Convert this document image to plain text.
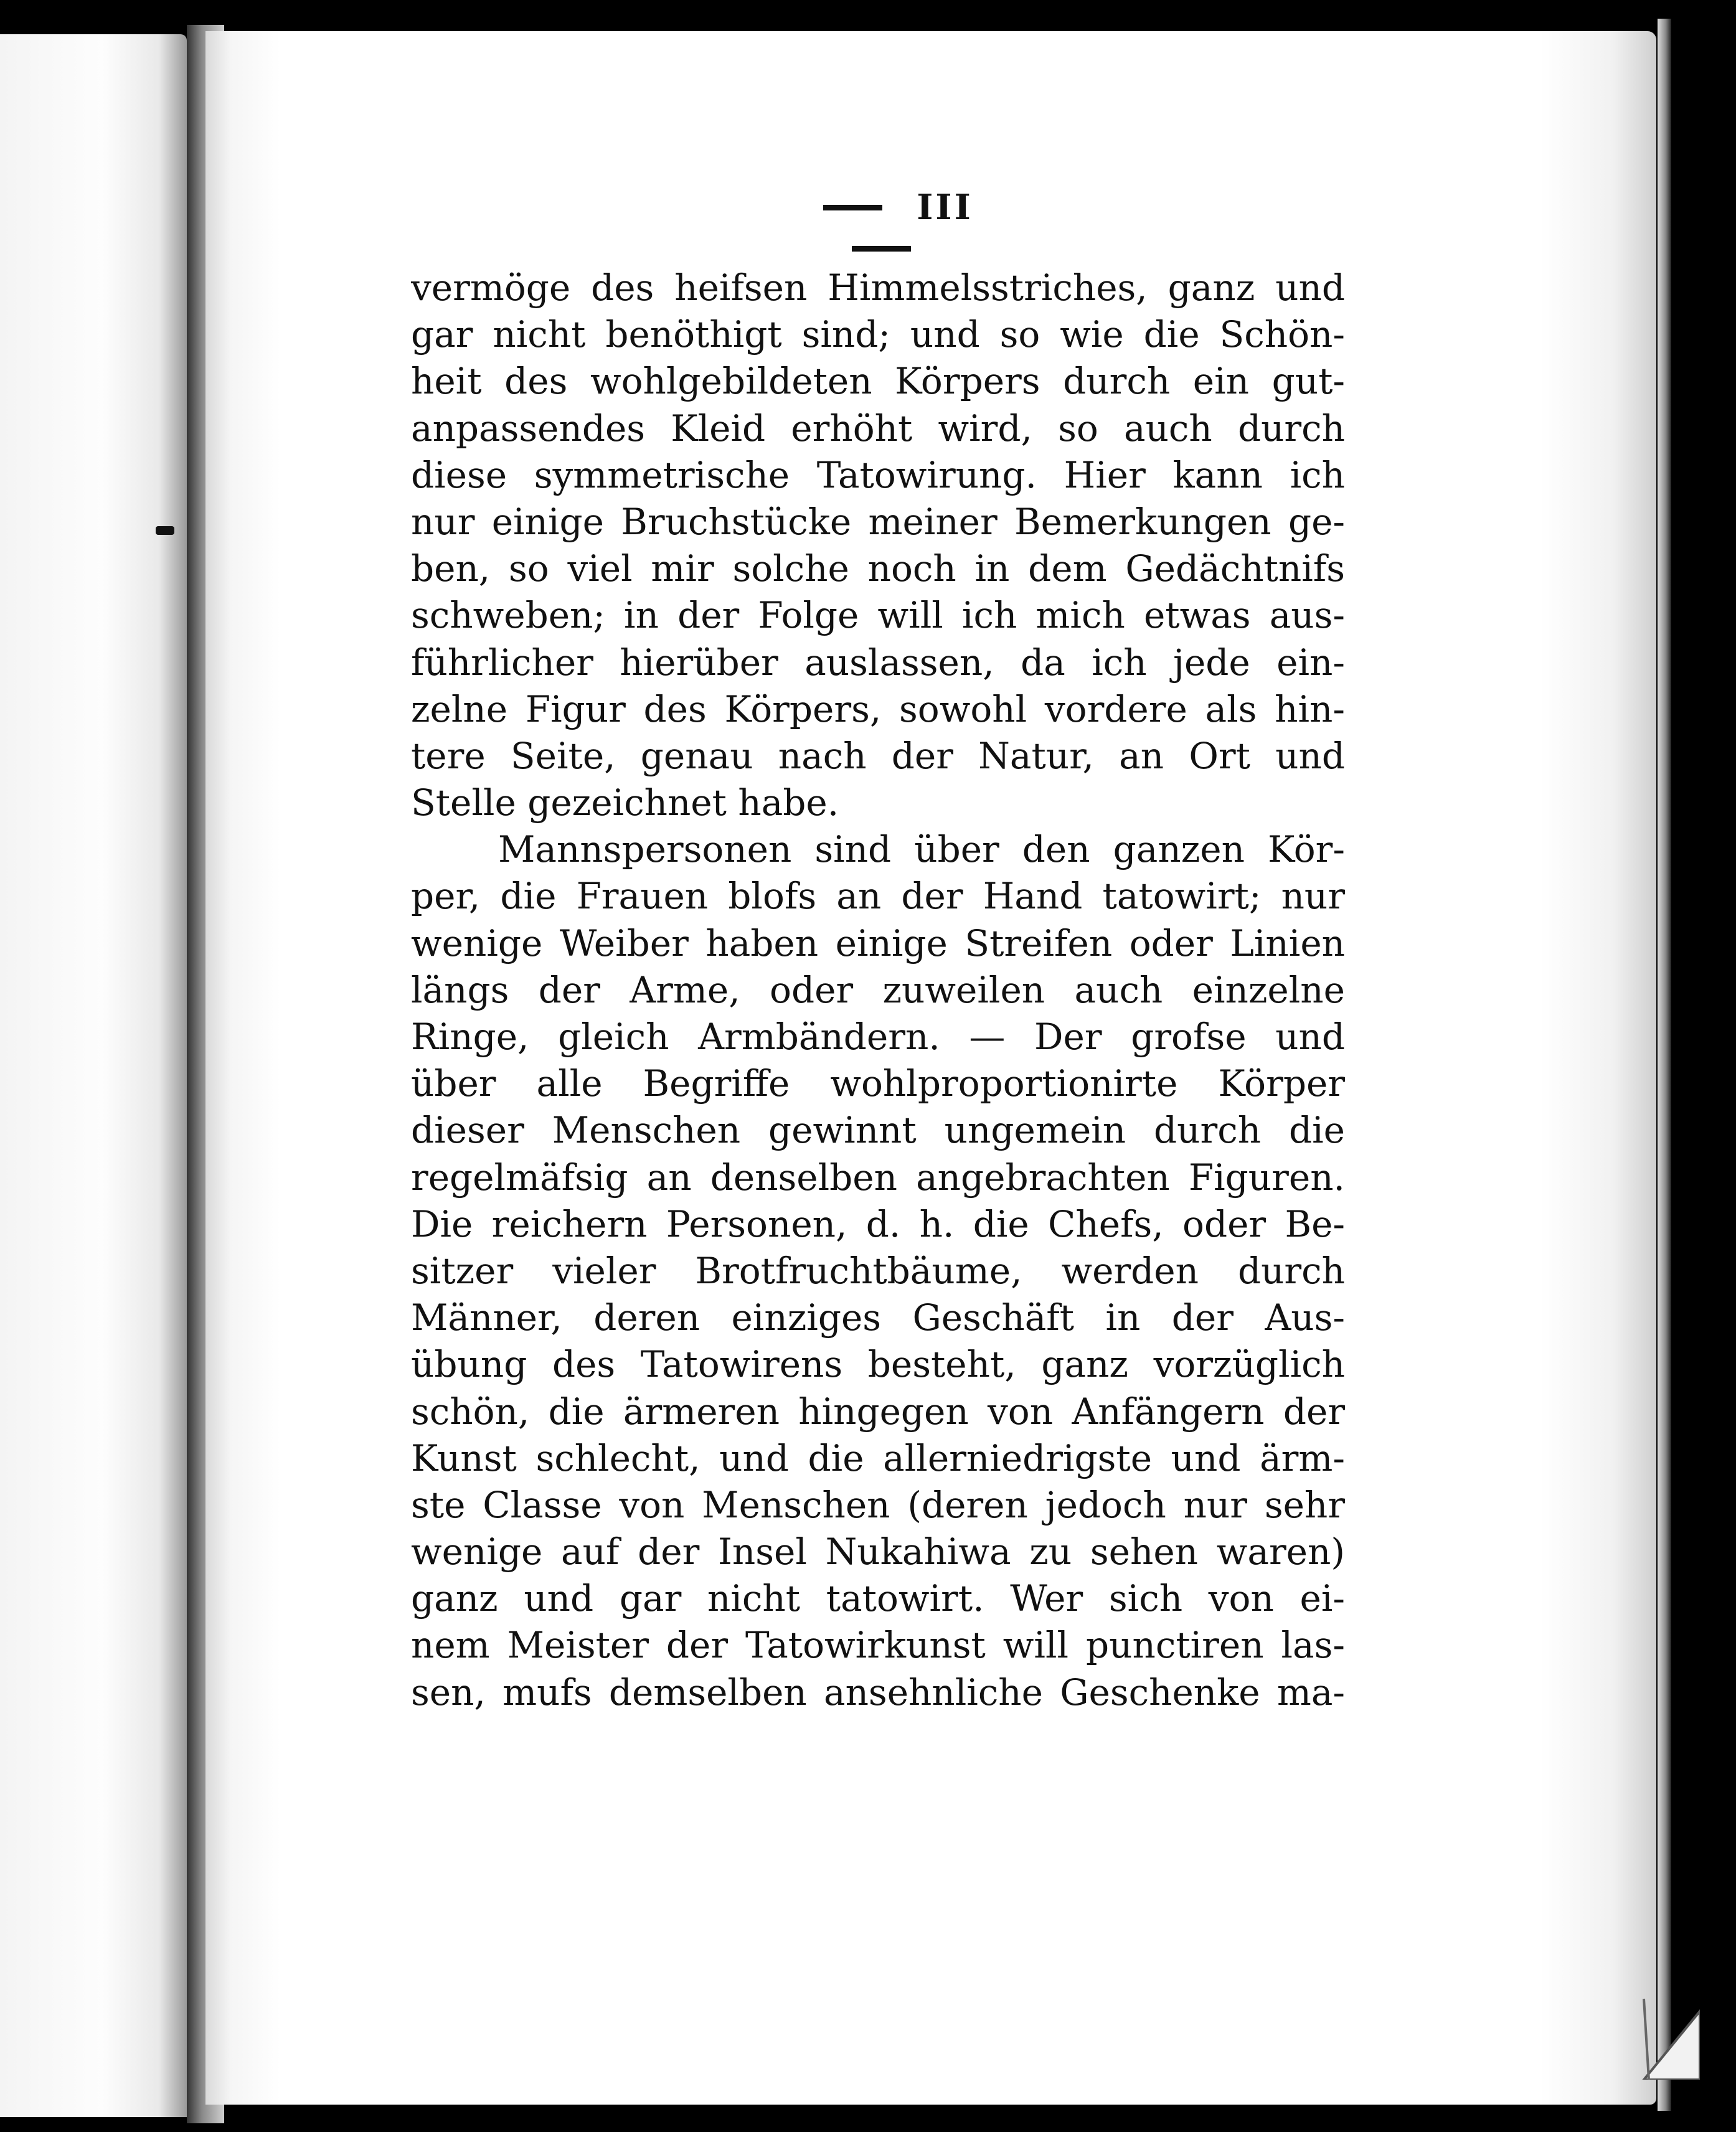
III
vermöge des heifsen Himmelsstriches, ganz und
gar nicht benöthigt sind; und so wie die Schön-
heit des wohlgebildeten Körpers durch ein gut-
anpassendes Kleid erhöht wird, so auch durch
diese symmetrische Tatowirung. Hier kann ich
nur einige Bruchstücke meiner Bemerkungen ge-
ben, so viel mir solche noch in dem Gedächtnifs
schweben; in der Folge will ich mich etwas aus-
führlicher hierüber auslassen, da ich jede ein-
zelne Figur des Körpers, sowohl vordere als hin-
tere Seite, genau nach der Natur, an Ort und
Stelle gezeichnet habe.
Mannspersonen sind über den ganzen Kör-
per, die Frauen blofs an der Hand tatowirt; nur
wenige Weiber haben einige Streifen oder Linien
längs der Arme, oder zuweilen auch einzelne
Ringe, gleich Armbändern. — Der grofse und
über alle Begriffe wohlproportionirte Körper
dieser Menschen gewinnt ungemein durch die
regelmäfsig an denselben angebrachten Figuren.
Die reichern Personen, d. h. die Chefs, oder Be-
sitzer vieler Brotfruchtbäume, werden durch
Männer, deren einziges Geschäft in der Aus-
übung des Tatowirens besteht, ganz vorzüglich
schön, die ärmeren hingegen von Anfängern der
Kunst schlecht, und die allerniedrigste und ärm-
ste Classe von Menschen (deren jedoch nur sehr
wenige auf der Insel Nukahiwa zu sehen waren)
ganz und gar nicht tatowirt. Wer sich von ei-
nem Meister der Tatowirkunst will punctiren las-
sen, mufs demselben ansehnliche Geschenke ma-
